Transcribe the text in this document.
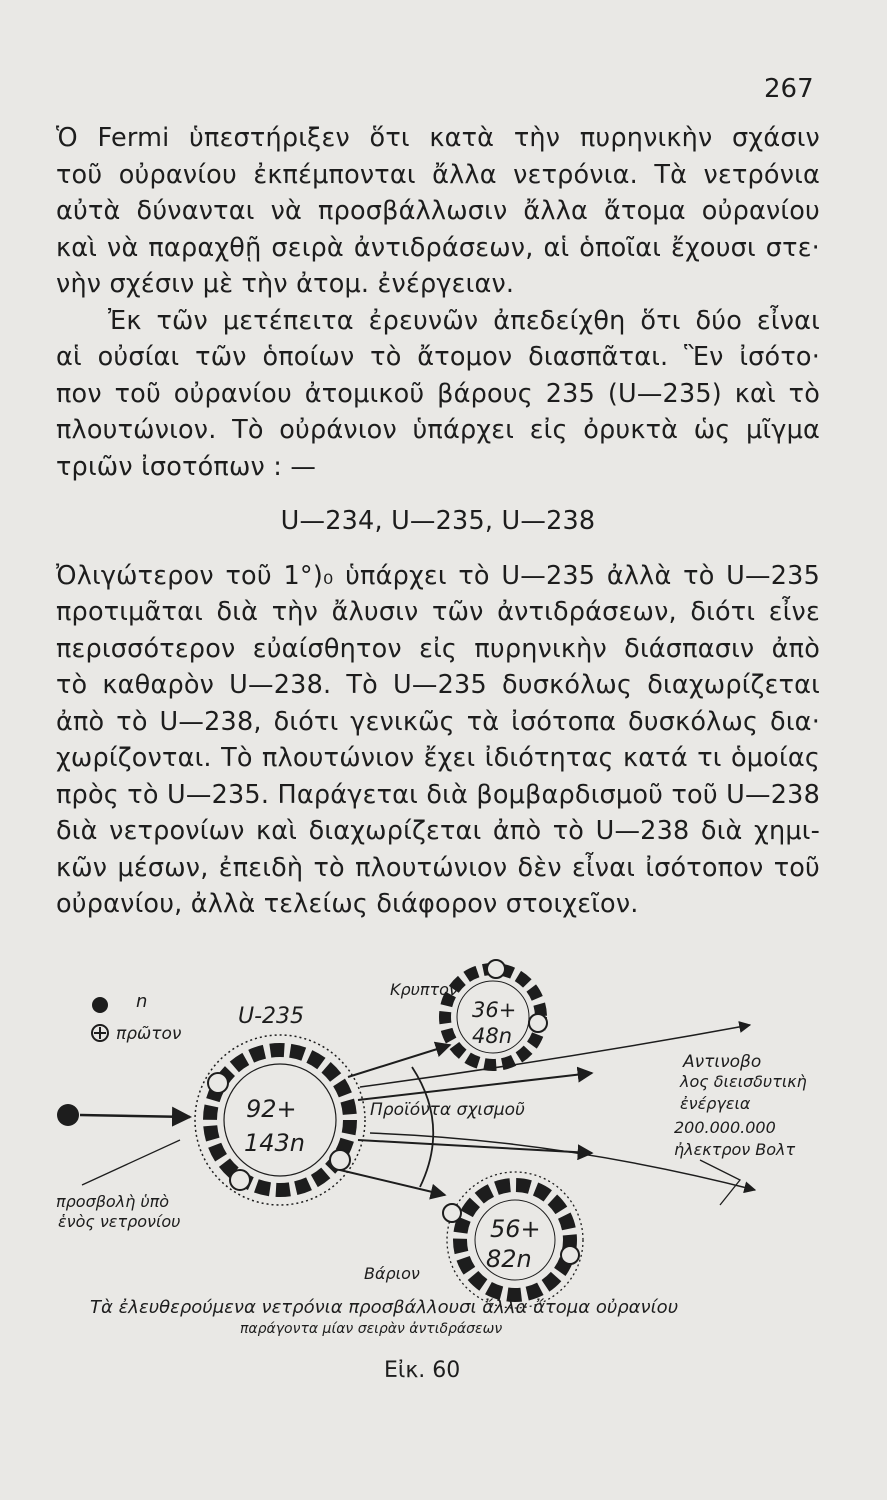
267
Ὁ Fermi ὑπεστήριξεν ὅτι κατὰ τὴν πυρηνικὴν σχάσιν
τοῦ οὐρανίου ἐκπέμπονται ἄλλα νετρόνια. Τὰ νετρόνια
αὐτὰ δύνανται νὰ προσβάλλωσιν ἄλλα ἄτομα οὐρανίου
καὶ νὰ παραχθῇ σειρὰ ἀντιδράσεων, αἱ ὁποῖαι ἔχουσι στε·
νὴν σχέσιν μὲ τὴν ἀτομ. ἐνέργειαν.
Ἐκ τῶν μετέπειτα ἐρευνῶν ἀπεδείχθη ὅτι δύο εἶναι
αἱ οὐσίαι τῶν ὁποίων τὸ ἄτομον διασπᾶται. Ἓν ἰσότο·
πον τοῦ οὐρανίου ἀτομικοῦ βάρους 235 (U—235) καὶ τὸ
πλουτώνιον. Τὸ οὐράνιον ὑπάρχει εἰς ὀρυκτὰ ὡς μῖγμα
τριῶν ἰσοτόπων : —
U—234, U—235, U—238
Ὀλιγώτερον τοῦ 1°)₀ ὑπάρχει τὸ U—235 ἀλλὰ τὸ U—235
προτιμᾶται διὰ τὴν ἄλυσιν τῶν ἀντιδράσεων, διότι εἶνε
περισσότερον εὐαίσθητον εἰς πυρηνικὴν διάσπασιν ἀπὸ
τὸ καθαρὸν U—238. Τὸ U—235 δυσκόλως διαχωρίζεται
ἀπὸ τὸ U—238, διότι γενικῶς τὰ ἰσότοπα δυσκόλως δια·
χωρίζονται. Τὸ πλουτώνιον ἔχει ἰδιότητας κατά τι ὁμοίας
πρὸς τὸ U—235. Παράγεται διὰ βομβαρδισμοῦ τοῦ U—238
διὰ νετρονίων καὶ διαχωρίζεται ἀπὸ τὸ U—238 διὰ χημι-
κῶν μέσων, ἐπειδὴ τὸ πλουτώνιον δὲν εἶναι ἰσότοπον τοῦ
οὐρανίου, ἀλλὰ τελείως διάφορον στοιχεῖον.
n
πρῶτον
U-235
92+
143n
Κρυπτον
36+
48n
Βάριον
56+
82n
Προϊόντα σχισμοῦ
προσβολὴ ὑπὸ
ἑνὸς νετρονίου
Αντινοβο
λος διεισδυτικὴ
ἐνέργεια
200.000.000
ἠλεκτρον Βολτ
Τὰ ἐλευθερούμενα νετρόνια προσβάλλουσι ἄλλα ἄτομα οὐρανίου
παράγοντα μίαν σειρὰν ἀντιδράσεων
Εἰκ. 60
